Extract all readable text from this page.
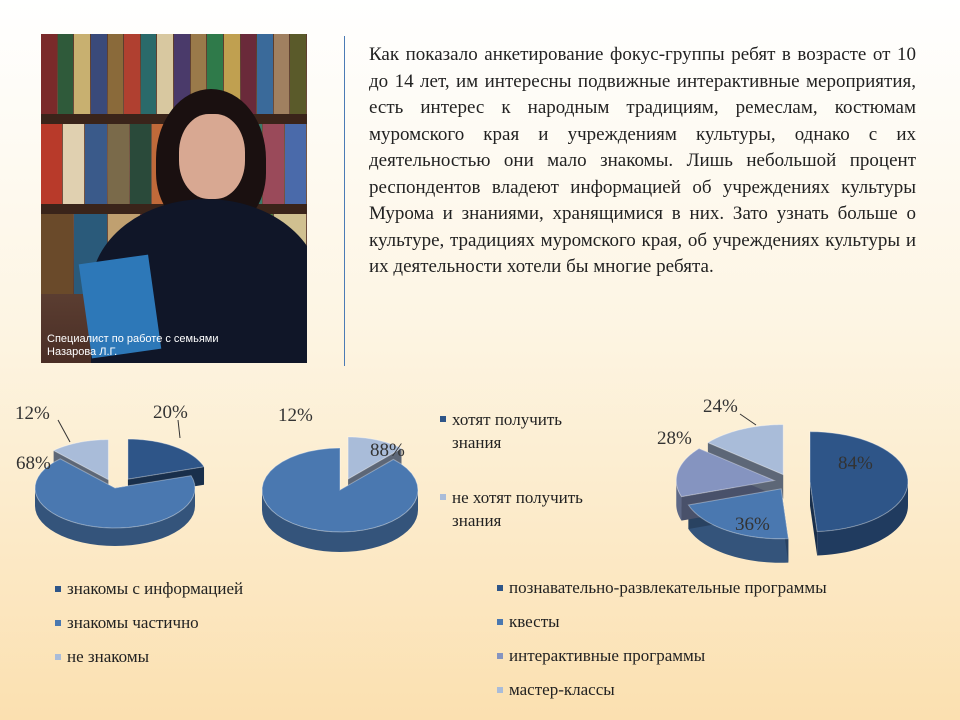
Специалист по работе с семьями
Назарова Л.Г.

Как показало анкетирование фокус-группы ребят в возрасте от 10 до 14 лет, им интересны подвижные интерактивные мероприятия, есть интерес к народным традициям, ремеслам, костюмам муромского края и учреждениям культуры, однако с их деятельностью они мало знакомы. Лишь небольшой процент респондентов владеют информацией об учреждениях культуры Мурома и знаниями, хранящимися в них. Зато узнать больше о культуре, традициях муромского края, об учреждениях культуры и их деятельности хотели бы многие ребята.

20%
68%
12%
88%
12%
84%
36%
28%
24%
знакомы с информацией
знакомы частично
не знакомы
хотят получить знания
не хотят получить знания
познавательно-развлекательные программы
квесты
интерактивные программы
мастер-классы
